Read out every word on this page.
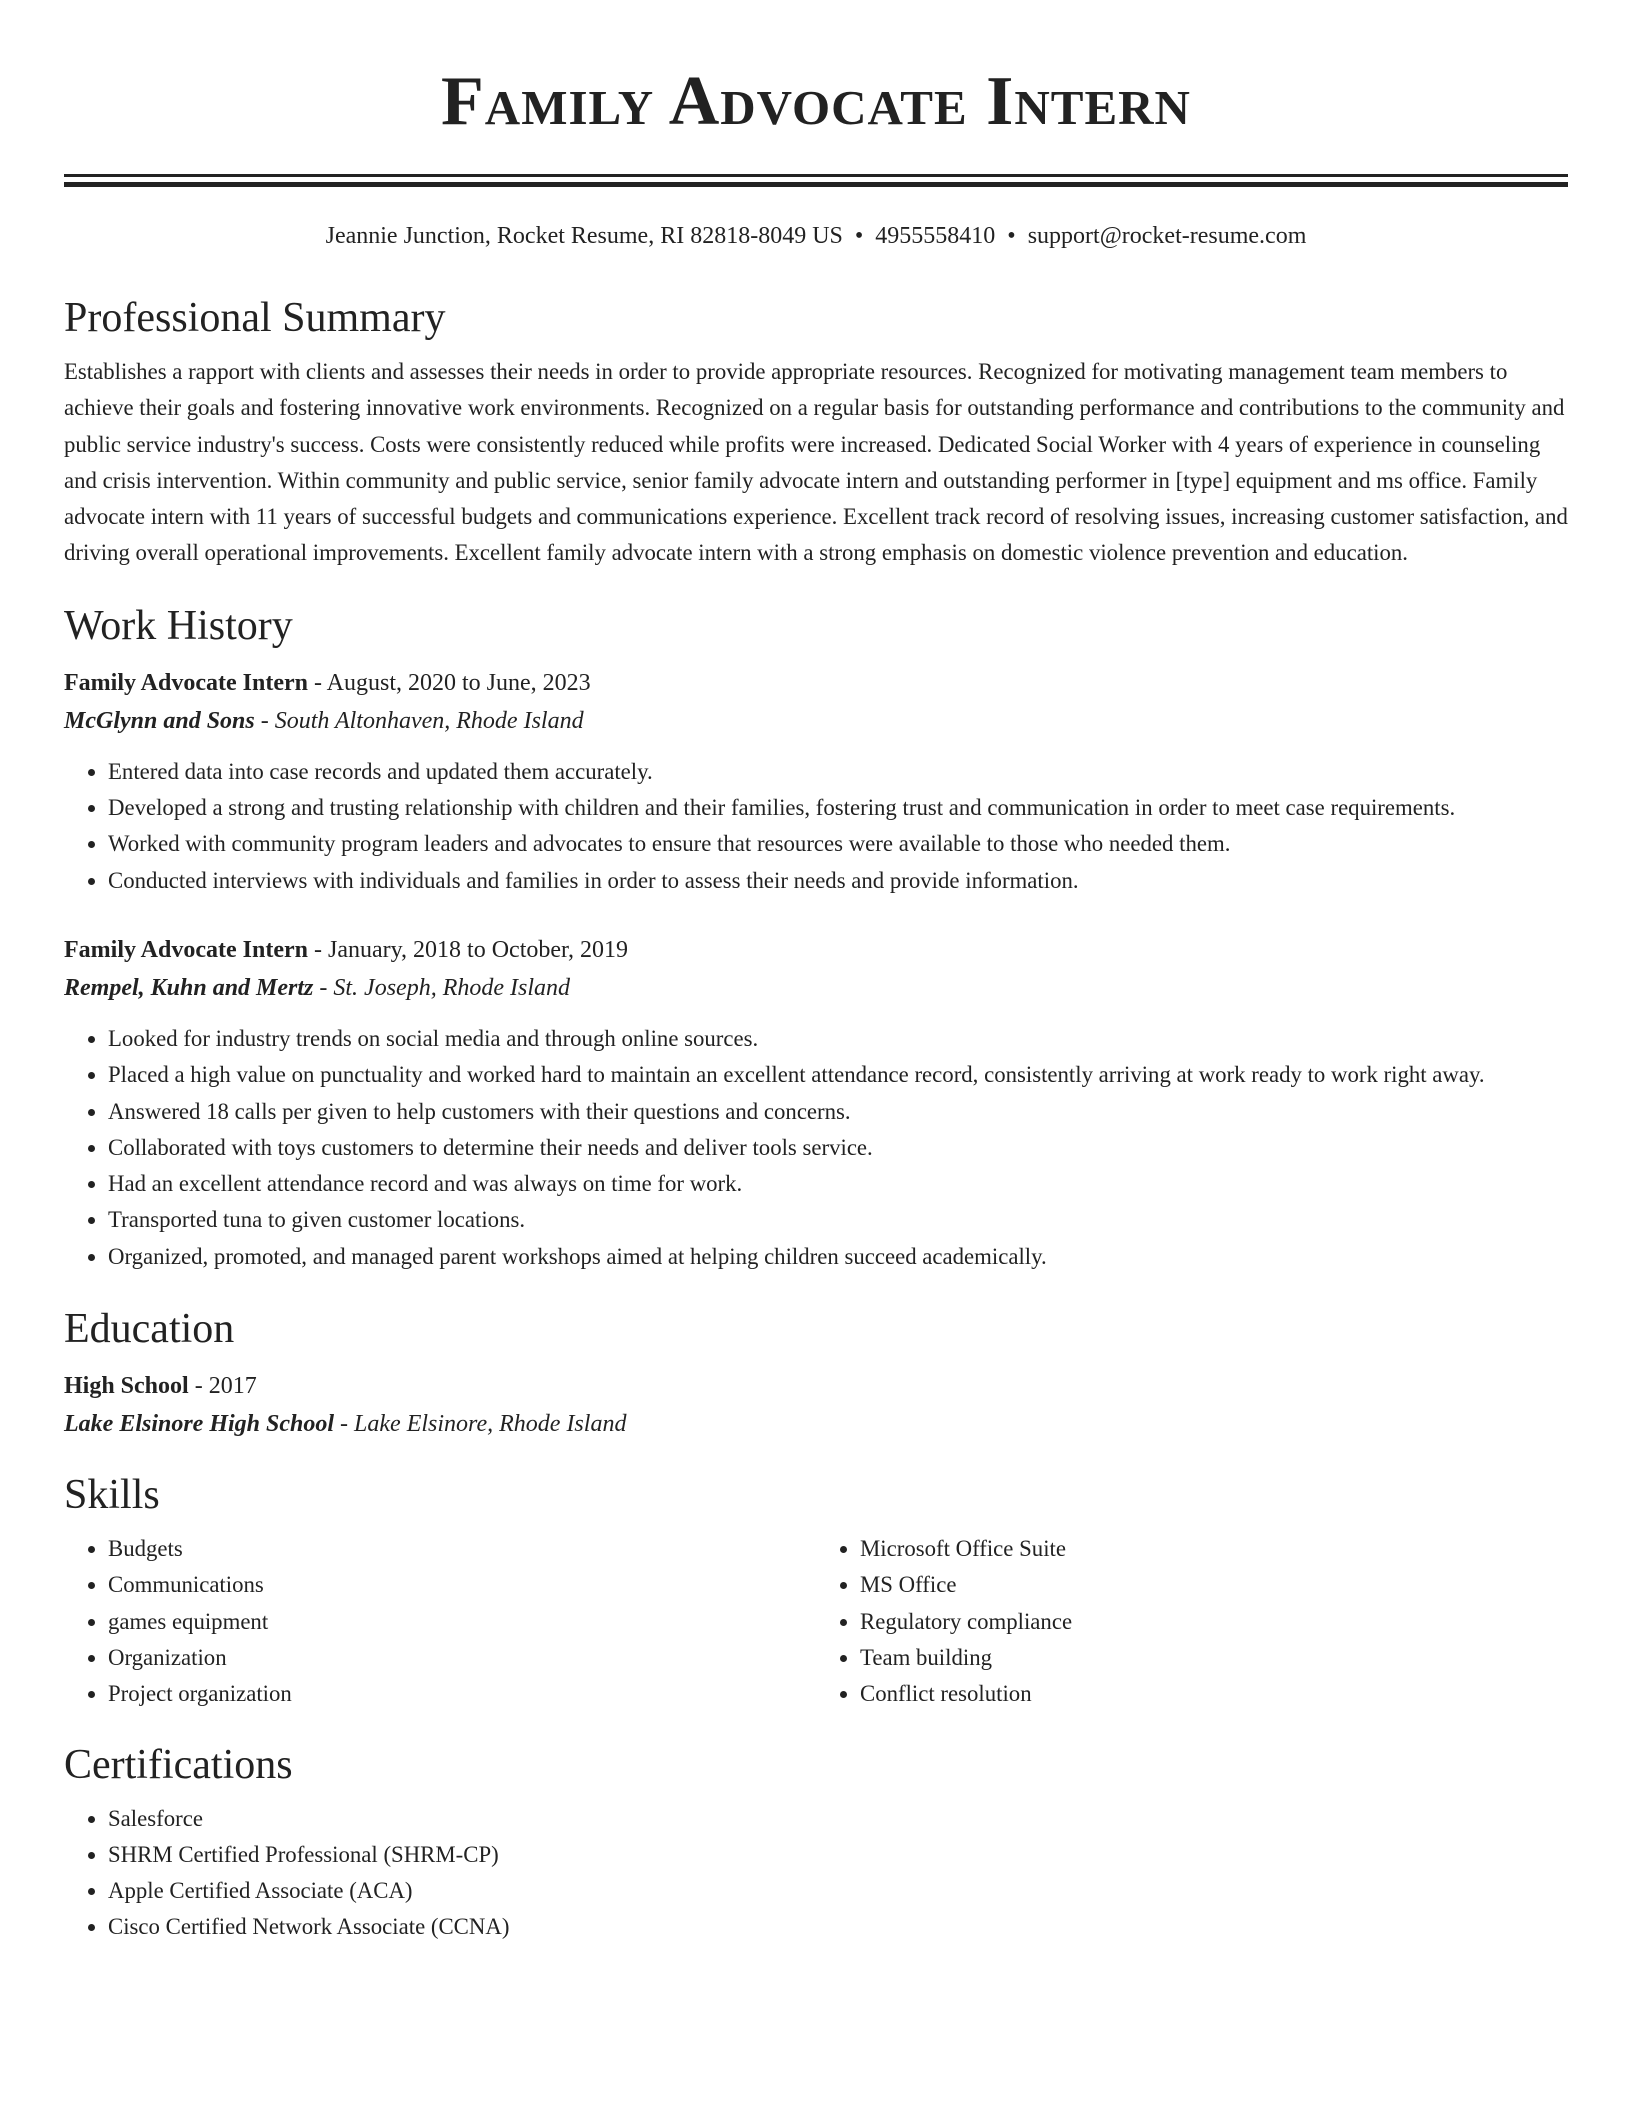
Family Advocate Intern
Jeannie Junction, Rocket Resume, RI 82818-8049 US • 4955558410 • support@rocket-resume.com
Professional Summary

Establishes a rapport with clients and assesses their needs in order to provide appropriate resources. Recognized for motivating management team members to achieve their goals and fostering innovative work environments. Recognized on a regular basis for outstanding performance and contributions to the community and public service industry's success. Costs were consistently reduced while profits were increased. Dedicated Social Worker with 4 years of experience in counseling and crisis intervention. Within community and public service, senior family advocate intern and outstanding performer in [type] equipment and ms office. Family advocate intern with 11 years of successful budgets and communications experience. Excellent track record of resolving issues, increasing customer satisfaction, and driving overall operational improvements. Excellent family advocate intern with a strong emphasis on domestic violence prevention and education.

Work History
Family Advocate Intern - August, 2020 to June, 2023
McGlynn and Sons - South Altonhaven, Rhode Island
• Entered data into case records and updated them accurately.
• Developed a strong and trusting relationship with children and their families, fostering trust and communication in order to meet case requirements.
• Worked with community program leaders and advocates to ensure that resources were available to those who needed them.
• Conducted interviews with individuals and families in order to assess their needs and provide information.
Family Advocate Intern - January, 2018 to October, 2019
Rempel, Kuhn and Mertz - St. Joseph, Rhode Island
• Looked for industry trends on social media and through online sources.
• Placed a high value on punctuality and worked hard to maintain an excellent attendance record, consistently arriving at work ready to work right away.
• Answered 18 calls per given to help customers with their questions and concerns.
• Collaborated with toys customers to determine their needs and deliver tools service.
• Had an excellent attendance record and was always on time for work.
• Transported tuna to given customer locations.
• Organized, promoted, and managed parent workshops aimed at helping children succeed academically.
Education
High School - 2017
Lake Elsinore High School - Lake Elsinore, Rhode Island
Skills
• Budgets
• Communications
• games equipment
• Organization
• Project organization
• Microsoft Office Suite
• MS Office
• Regulatory compliance
• Team building
• Conflict resolution
Certifications
• Salesforce
• SHRM Certified Professional (SHRM-CP)
• Apple Certified Associate (ACA)
• Cisco Certified Network Associate (CCNA)
